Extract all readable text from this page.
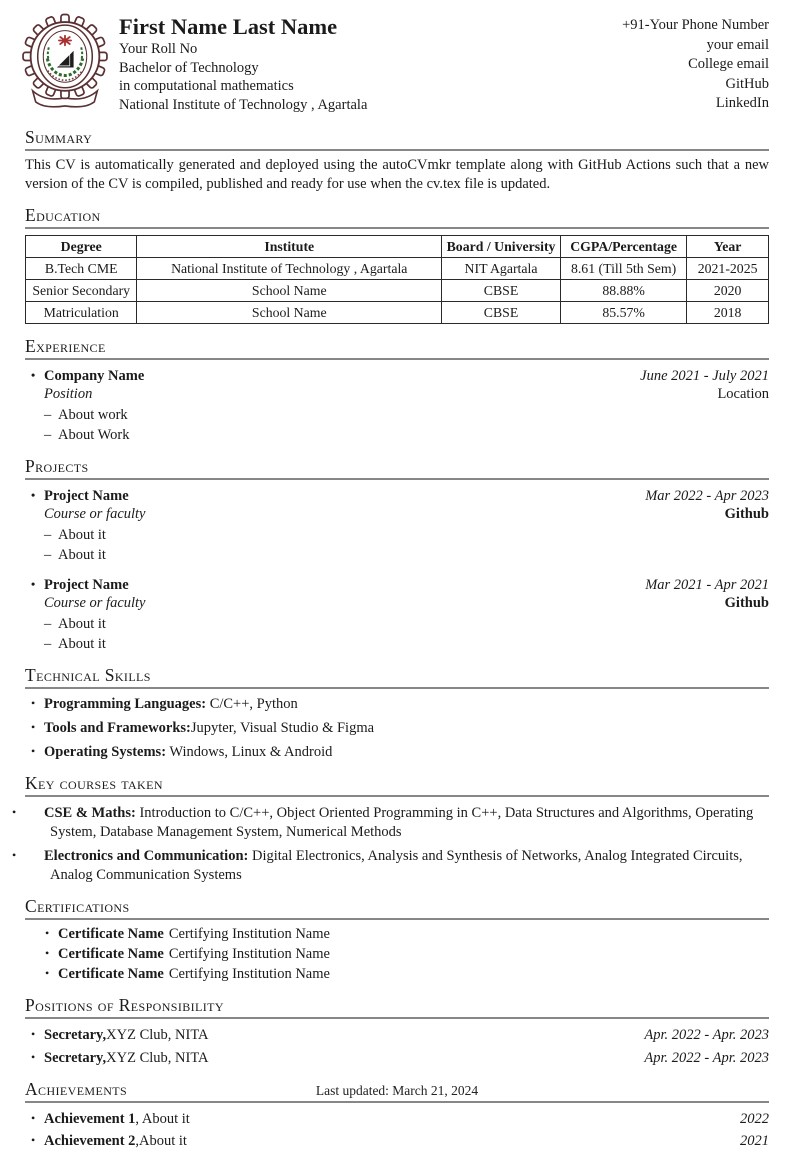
First Name Last Name
Your Roll No
Bachelor of Technology
in computational mathematics
National Institute of Technology , Agartala
+91-Your Phone Number
your email
College email
GitHub
LinkedIn
Summary

This CV is automatically generated and deployed using the autoCVmkr template along with GitHub Actions such that a new version of the CV is compiled, published and ready for use when the cv.tex file is updated.

Education
Degree	Institute	Board / University	CGPA/Percentage	Year
B.Tech CME	National Institute of Technology , Agartala	NIT Agartala	8.61 (Till 5th Sem)	2021-2025
Senior Secondary	School Name	CBSE	88.88%	2020
Matriculation	School Name	CBSE	85.57%	2018
Experience
• Company Name	June 2021 - July 2021
Position	Location
– About work
– About Work
Projects
• Project Name	Mar 2022 - Apr 2023
Course or faculty	Github
– About it
– About it
• Project Name	Mar 2021 - Apr 2021
Course or faculty	Github
– About it
– About it
Technical Skills
• Programming Languages: C/C++, Python
• Tools and Frameworks:Jupyter, Visual Studio & Figma
• Operating Systems: Windows, Linux & Android
Key courses taken
• CSE & Maths: Introduction to C/C++, Object Oriented Programming in C++, Data Structures and Algorithms, Operating System, Database Management System, Numerical Methods
• Electronics and Communication: Digital Electronics, Analysis and Synthesis of Networks, Analog Integrated Circuits, Analog Communication Systems
Certifications
• Certificate Name Certifying Institution Name
• Certificate Name Certifying Institution Name
• Certificate Name Certifying Institution Name
Positions of Responsibility
• Secretary,XYZ Club, NITA	Apr. 2022 - Apr. 2023
• Secretary,XYZ Club, NITA	Apr. 2022 - Apr. 2023
Achievements
• Achievement 1, About it	2022
• Achievement 2,About it	2021
Last updated: March 21, 2024
